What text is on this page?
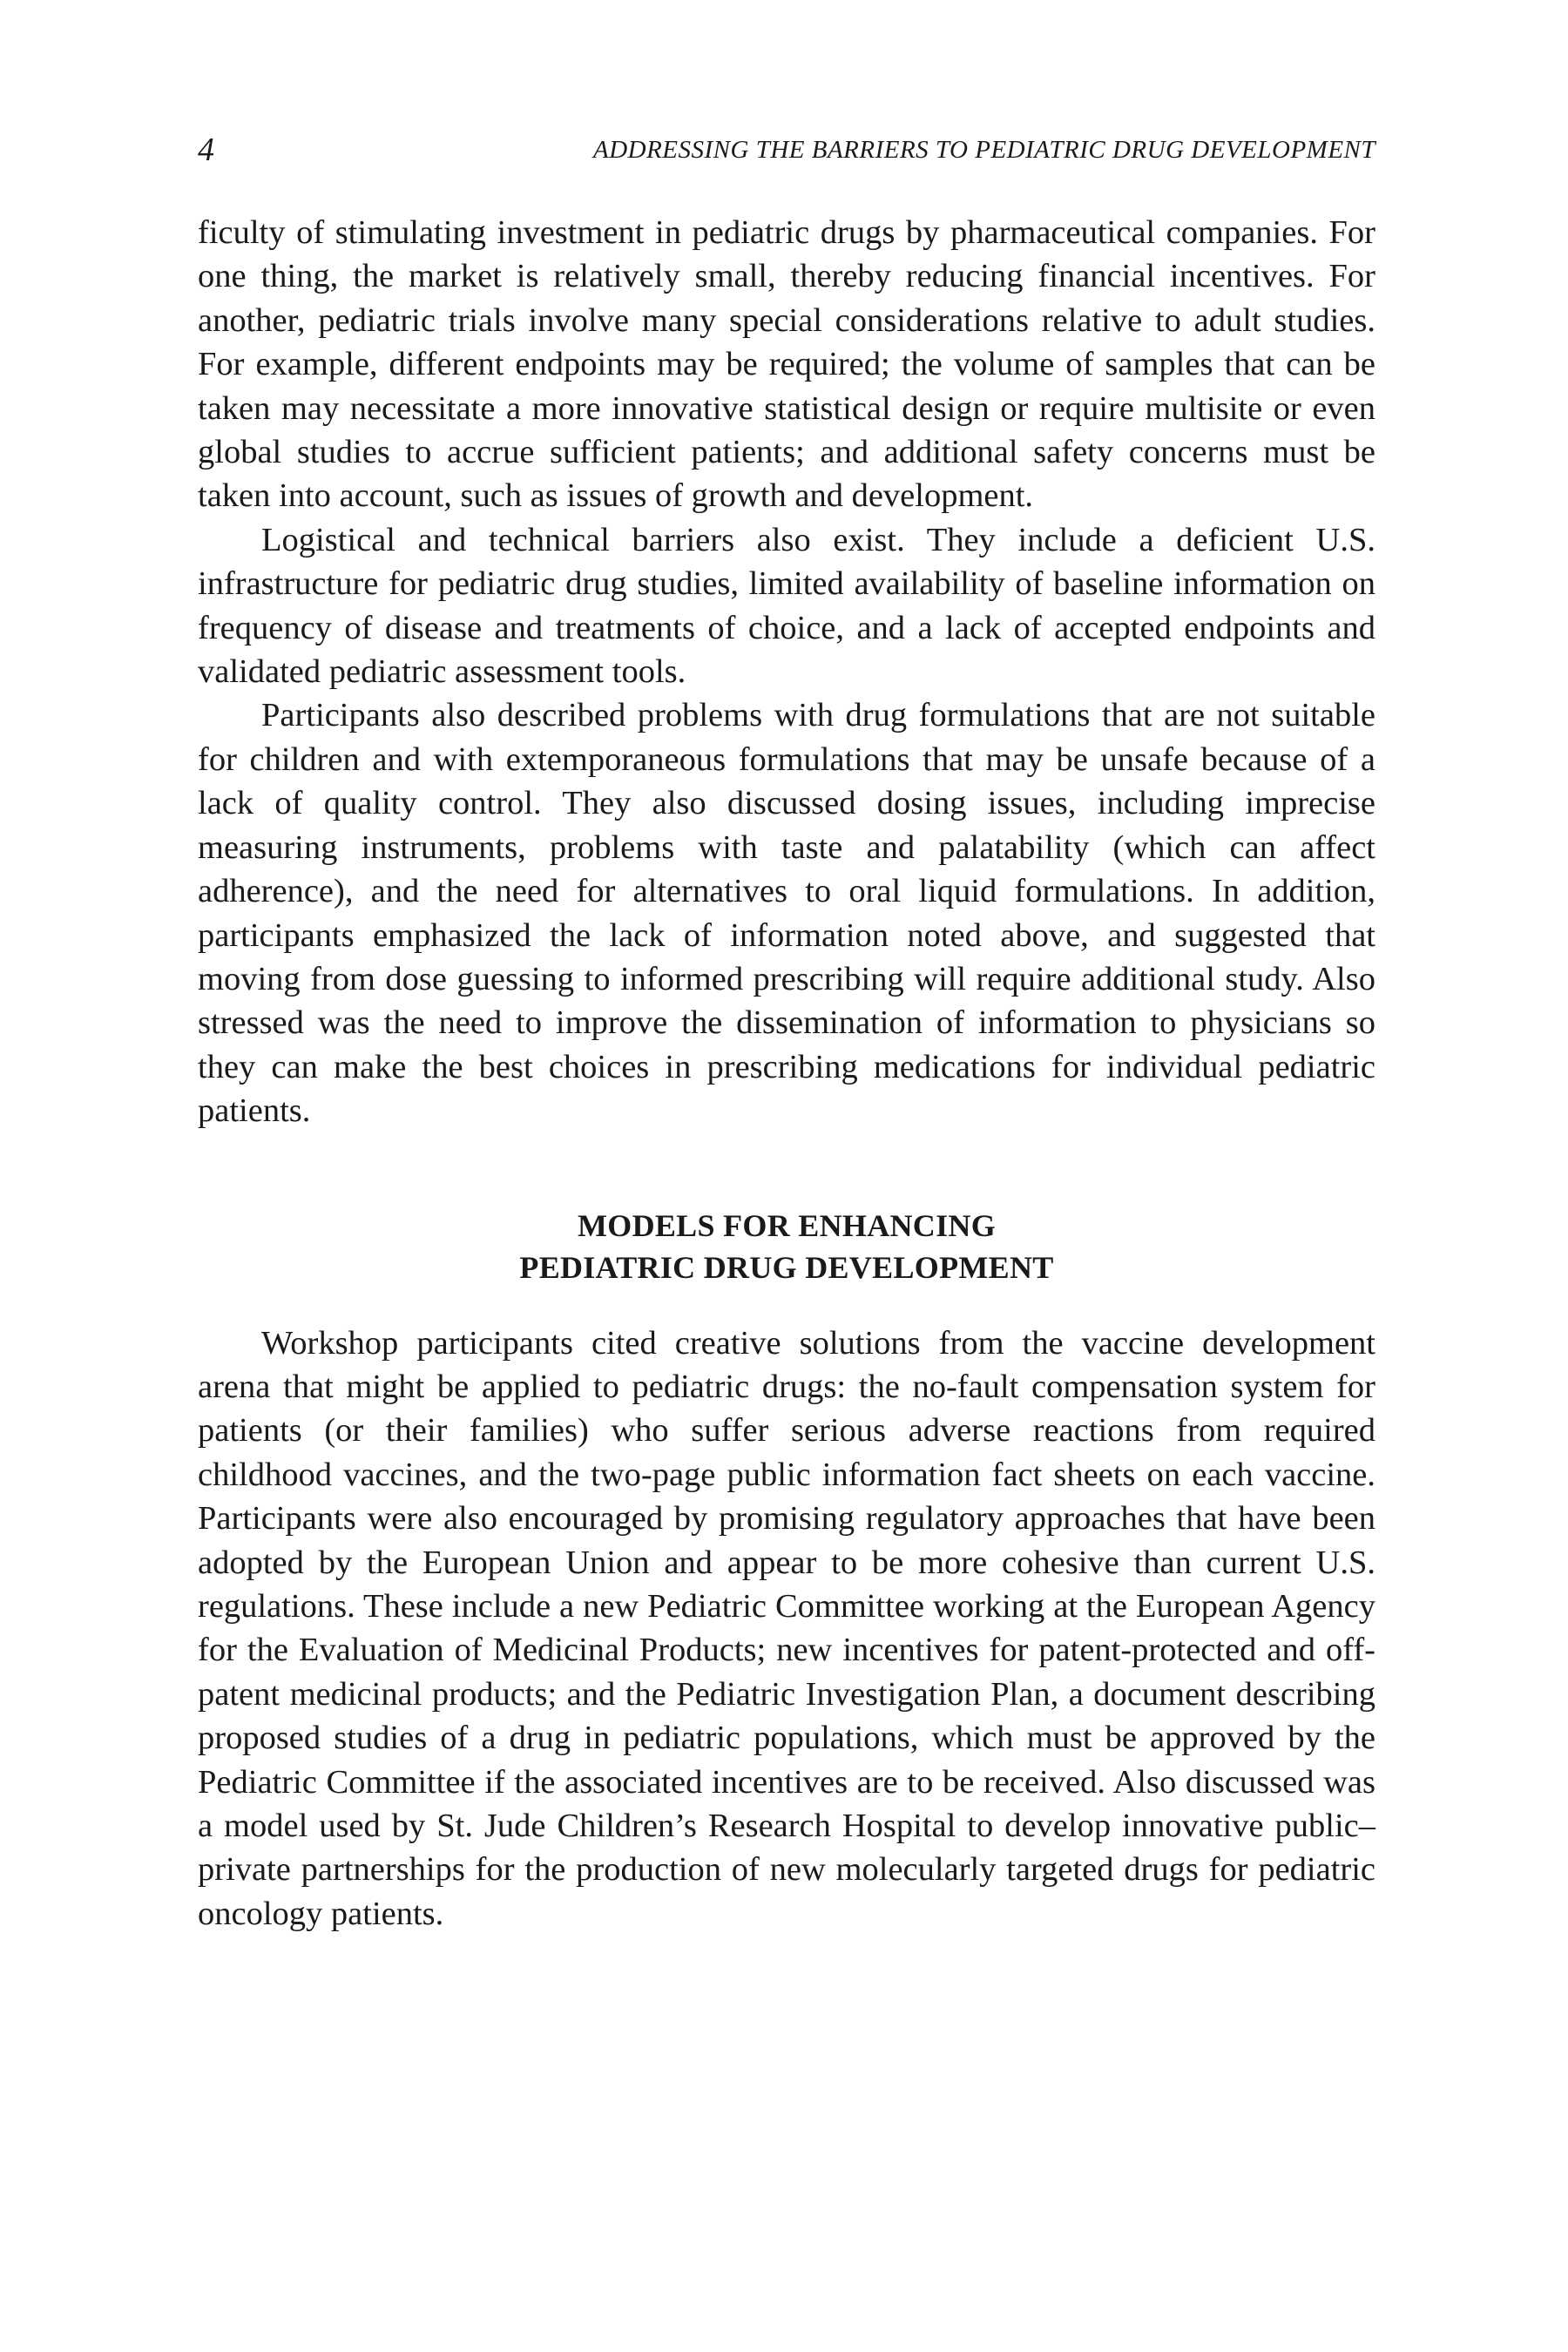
4	ADDRESSING THE BARRIERS TO PEDIATRIC DRUG DEVELOPMENT

ficulty of stimulating investment in pediatric drugs by pharmaceutical companies. For one thing, the market is relatively small, thereby reducing financial incentives. For another, pediatric trials involve many special considerations relative to adult studies. For example, different endpoints may be required; the volume of samples that can be taken may necessitate a more innovative statistical design or require multisite or even global studies to accrue sufficient patients; and additional safety concerns must be taken into account, such as issues of growth and development.

Logistical and technical barriers also exist. They include a deficient U.S. infrastructure for pediatric drug studies, limited availability of baseline information on frequency of disease and treatments of choice, and a lack of accepted endpoints and validated pediatric assessment tools.

Participants also described problems with drug formulations that are not suitable for children and with extemporaneous formulations that may be unsafe because of a lack of quality control. They also discussed dosing issues, including imprecise measuring instruments, problems with taste and palatability (which can affect adherence), and the need for alternatives to oral liquid formulations. In addition, participants emphasized the lack of information noted above, and suggested that moving from dose guessing to informed prescribing will require additional study. Also stressed was the need to improve the dissemination of information to physicians so they can make the best choices in prescribing medications for individual pediatric patients.

MODELS FOR ENHANCING
PEDIATRIC DRUG DEVELOPMENT

Workshop participants cited creative solutions from the vaccine development arena that might be applied to pediatric drugs: the no-fault compensation system for patients (or their families) who suffer serious adverse reactions from required childhood vaccines, and the two-page public information fact sheets on each vaccine. Participants were also encouraged by promising regulatory approaches that have been adopted by the European Union and appear to be more cohesive than current U.S. regulations. These include a new Pediatric Committee working at the European Agency for the Evaluation of Medicinal Products; new incentives for patent-protected and off-patent medicinal products; and the Pediatric Investigation Plan, a document describing proposed studies of a drug in pediatric populations, which must be approved by the Pediatric Committee if the associated incentives are to be received. Also discussed was a model used by St. Jude Children’s Research Hospital to develop innovative public–private partnerships for the production of new molecularly targeted drugs for pediatric oncology patients.
